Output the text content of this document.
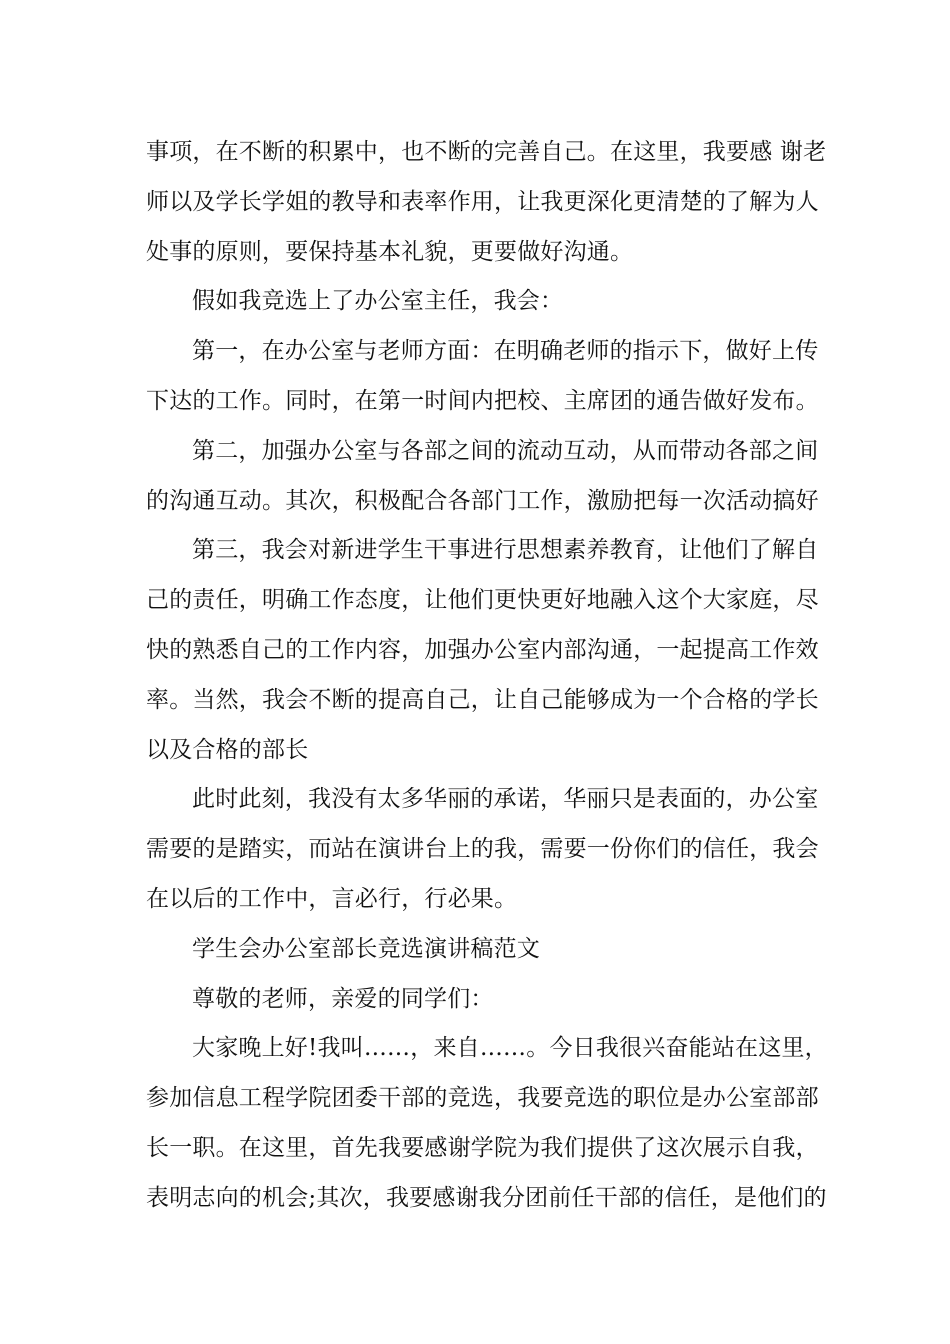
事项，在不断的积累中，也不断的完善自己。在这里，我要感 谢老
师以及学长学姐的教导和表率作用，让我更深化更清楚的了解为人
处事的原则，要保持基本礼貌，更要做好沟通。
假如我竞选上了办公室主任，我会：
第一，在办公室与老师方面：在明确老师的指示下，做好上传
下达的工作。同时，在第一时间内把校、主席团的通告做好发布。
第二，加强办公室与各部之间的流动互动，从而带动各部之间
的沟通互动。其次，积极配合各部门工作，激励把每一次活动搞好
第三，我会对新进学生干事进行思想素养教育，让他们了解自
己的责任，明确工作态度，让他们更快更好地融入这个大家庭，尽
快的熟悉自己的工作内容，加强办公室内部沟通，一起提高工作效
率。当然，我会不断的提高自己，让自己能够成为一个合格的学长
以及合格的部长
此时此刻，我没有太多华丽的承诺，华丽只是表面的，办公室
需要的是踏实，而站在演讲台上的我，需要一份你们的信任，我会
在以后的工作中，言必行，行必果。
学生会办公室部长竞选演讲稿范文
尊敬的老师，亲爱的同学们：
大家晚上好!我叫……，来自……。今日我很兴奋能站在这里，
参加信息工程学院团委干部的竞选，我要竞选的职位是办公室部部
长一职。在这里，首先我要感谢学院为我们提供了这次展示自我，
表明志向的机会;其次，我要感谢我分团前任干部的信任，是他们的
